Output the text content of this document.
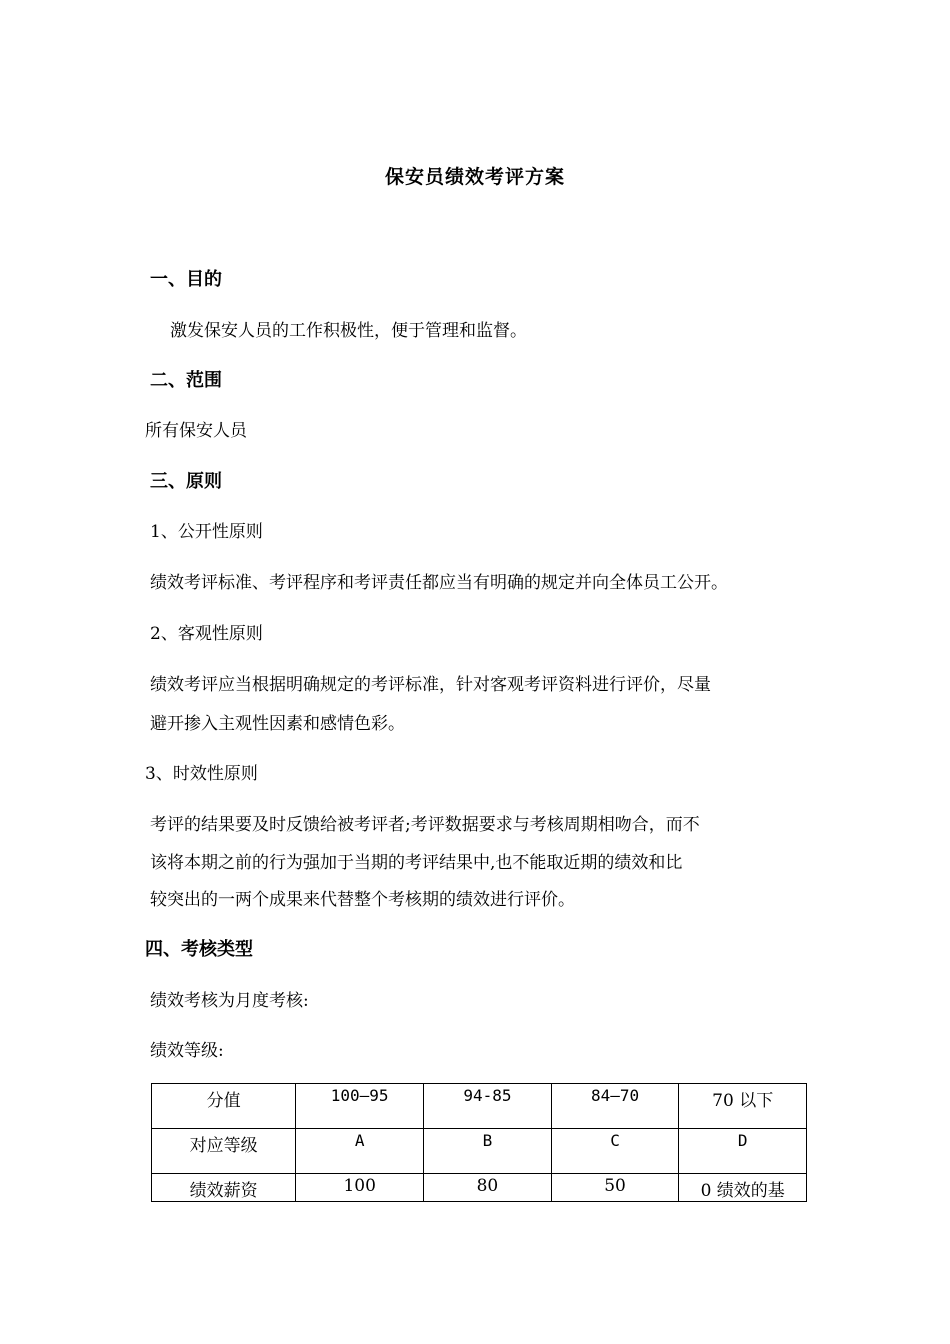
保安员绩效考评方案
一、目的
激发保安人员的工作积极性，便于管理和监督。
二、范围
所有保安人员
三、原则
1、公开性原则
绩效考评标准、考评程序和考评责任都应当有明确的规定并向全体员工公开。
2、客观性原则
绩效考评应当根据明确规定的考评标准，针对客观考评资料进行评价，尽量
避开掺入主观性因素和感情色彩。
3、时效性原则
考评的结果要及时反馈给被考评者;考评数据要求与考核周期相吻合，而不
该将本期之前的行为强加于当期的考评结果中,也不能取近期的绩效和比
较突出的一两个成果来代替整个考核期的绩效进行评价。
四、考核类型
绩效考核为月度考核:
绩效等级:
分值	100—95	94-85	84—70	70 以下
对应等级	A	B	C	D
绩效薪资	100	80	50	0 绩效的基
